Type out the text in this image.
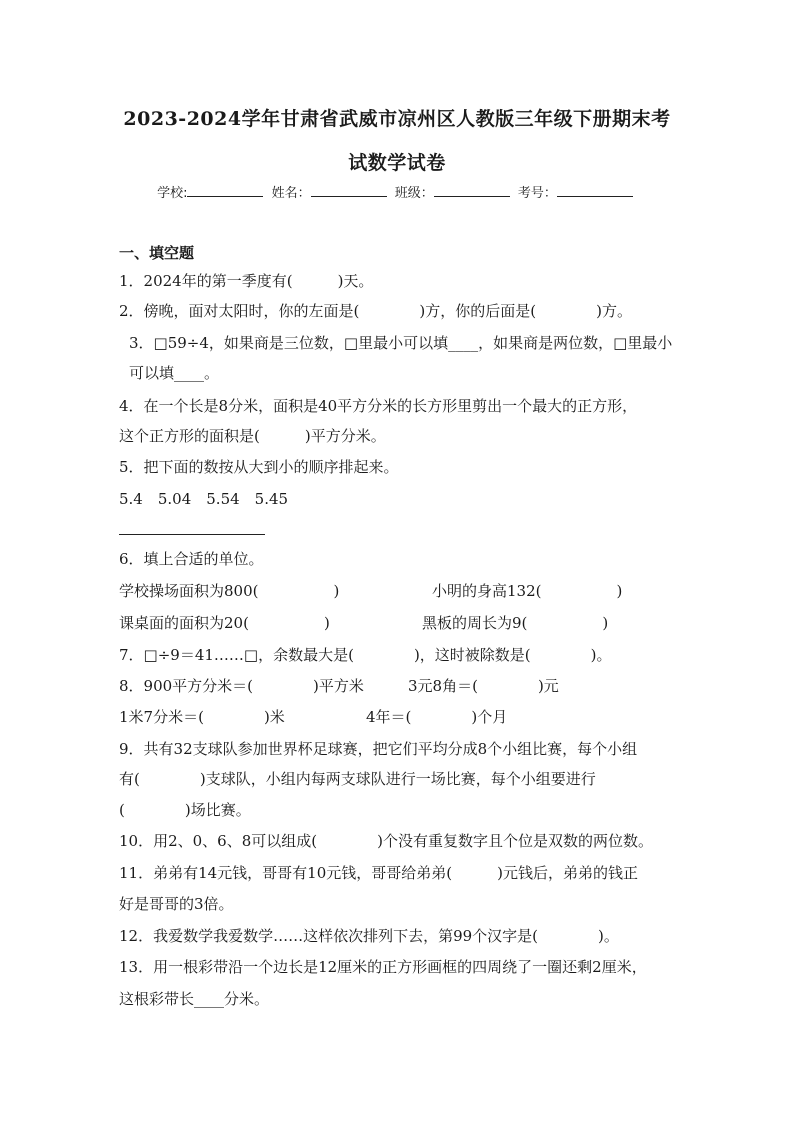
2023-2024学年甘肃省武威市凉州区人教版三年级下册期末考
试数学试卷
学校:	姓名：	班级：	考号：
一、填空题
1．2024年的第一季度有(　　　)天。
2．傍晚，面对太阳时，你的左面是(　　　　)方，你的后面是(　　　　)方。
3．□59÷4，如果商是三位数，□里最小可以填____，如果商是两位数，□里最小
可以填____。
4．在一个长是8分米，面积是40平方分米的长方形里剪出一个最大的正方形，
这个正方形的面积是(　　　)平方分米。
5．把下面的数按从大到小的顺序排起来。
5.4　5.04　5.54　5.45
6．填上合适的单位。
学校操场面积为800(　　　　　)	小明的身高132(　　　　　)
课桌面的面积为20(　　　　　)	黑板的周长为9(　　　　　)
7．□÷9＝41……□，余数最大是(　　　　)，这时被除数是(　　　　)。
8．900平方分米＝(　　　　)平方米	3元8角＝(　　　　)元
1米7分米＝(　　　　)米	4年＝(　　　　)个月
9．共有32支球队参加世界杯足球赛，把它们平均分成8个小组比赛，每个小组
有(　　　　)支球队，小组内每两支球队进行一场比赛，每个小组要进行
(　　　　)场比赛。
10．用2、0、6、8可以组成(　　　　)个没有重复数字且个位是双数的两位数。
11．弟弟有14元钱，哥哥有10元钱，哥哥给弟弟(　　　)元钱后，弟弟的钱正
好是哥哥的3倍。
12．我爱数学我爱数学……这样依次排列下去，第99个汉字是(　　　　)。
13．用一根彩带沿一个边长是12厘米的正方形画框的四周绕了一圈还剩2厘米，
这根彩带长____分米。
